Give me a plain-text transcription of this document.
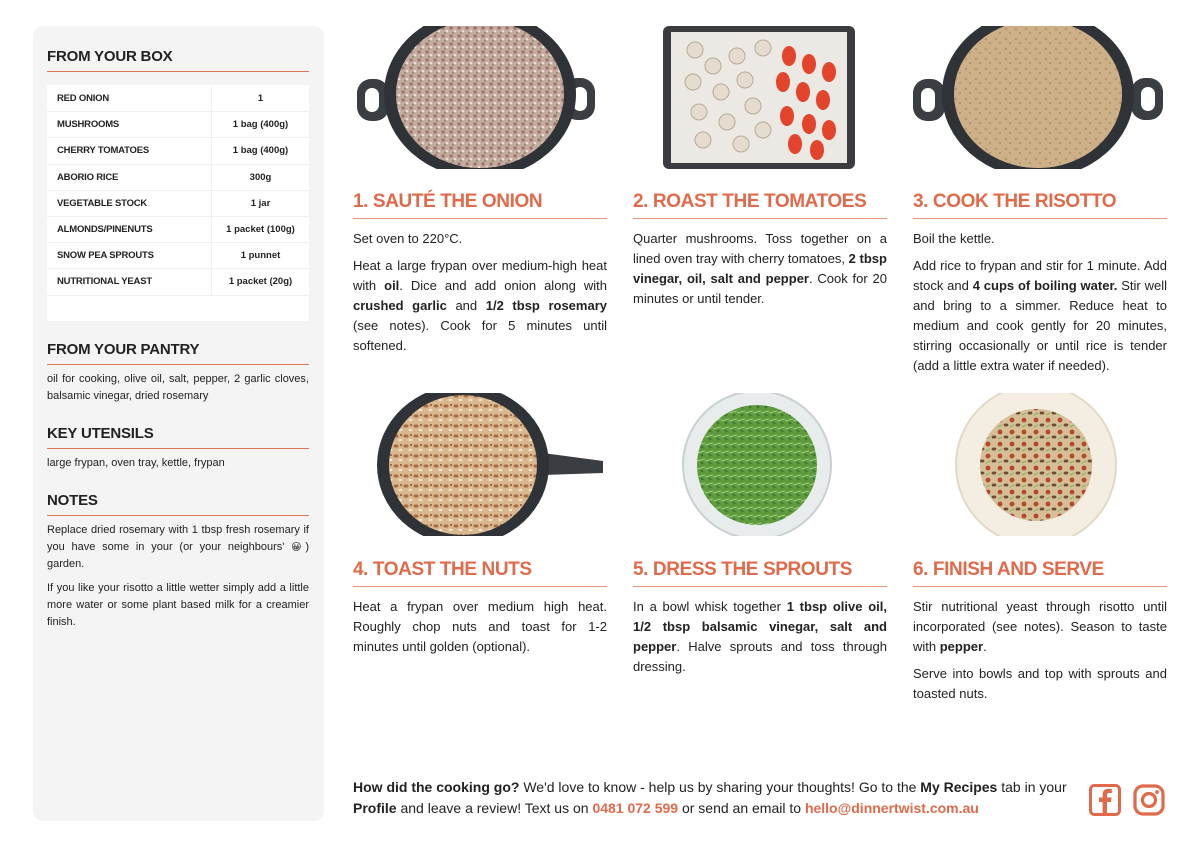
FROM YOUR BOX
RED ONION	1
MUSHROOMS	1 bag (400g)
CHERRY TOMATOES	1 bag (400g)
ABORIO RICE	300g
VEGETABLE STOCK	1 jar
ALMONDS/PINENUTS	1 packet (100g)
SNOW PEA SPROUTS	1 punnet
NUTRITIONAL YEAST	1 packet (20g)
FROM YOUR PANTRY
oil for cooking, olive oil, salt, pepper, 2 garlic cloves, balsamic vinegar, dried rosemary
KEY UTENSILS
large frypan, oven tray, kettle, frypan
NOTES

Replace dried rosemary with 1 tbsp fresh rosemary if you have some in your (or your neighbours' 😀) garden.

If you like your risotto a little wetter simply add a little more water or some plant based milk for a creamier finish.

1. SAUTÉ THE ONION

Set oven to 220°C.

Heat a large frypan over medium-high heat with oil. Dice and add onion along with crushed garlic and 1/2 tbsp rosemary (see notes). Cook for 5 minutes until softened.

2. ROAST THE TOMATOES

Quarter mushrooms. Toss together on a lined oven tray with cherry tomatoes, 2 tbsp vinegar, oil, salt and pepper. Cook for 20 minutes or until tender.

3. COOK THE RISOTTO

Boil the kettle.

Add rice to frypan and stir for 1 minute. Add stock and 4 cups of boiling water. Stir well and bring to a simmer. Reduce heat to medium and cook gently for 20 minutes, stirring occasionally or until rice is tender (add a little extra water if needed).

4. TOAST THE NUTS

Heat a frypan over medium high heat. Roughly chop nuts and toast for 1-2 minutes until golden (optional).

5. DRESS THE SPROUTS

In a bowl whisk together 1 tbsp olive oil, 1/2 tbsp balsamic vinegar, salt and pepper. Halve sprouts and toss through dressing.

6. FINISH AND SERVE

Stir nutritional yeast through risotto until incorporated (see notes). Season to taste with pepper.

Serve into bowls and top with sprouts and toasted nuts.

How did the cooking go? We'd love to know - help us by sharing your thoughts! Go to the My Recipes tab in your Profile and leave a review! Text us on 0481 072 599 or send an email to hello@dinnertwist.com.au
